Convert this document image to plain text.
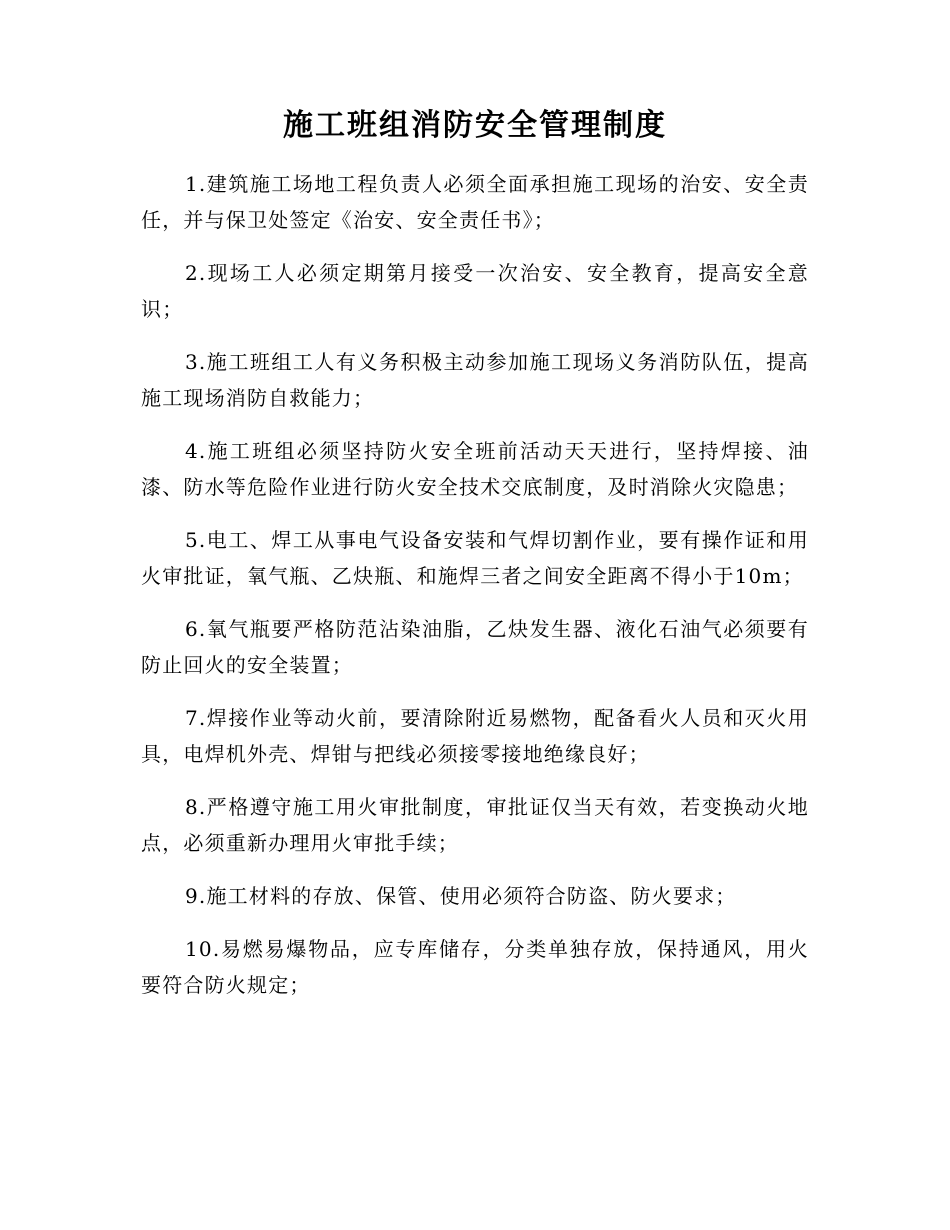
施工班组消防安全管理制度

1.建筑施工场地工程负责人必须全面承担施工现场的治安、安全责任，并与保卫处签定《治安、安全责任书》；

2.现场工人必须定期第月接受一次治安、安全教育，提高安全意识；

3.施工班组工人有义务积极主动参加施工现场义务消防队伍，提高施工现场消防自救能力；

4.施工班组必须坚持防火安全班前活动天天进行，坚持焊接、油漆、防水等危险作业进行防火安全技术交底制度，及时消除火灾隐患；

5.电工、焊工从事电气设备安装和气焊切割作业，要有操作证和用火审批证，氧气瓶、乙炔瓶、和施焊三者之间安全距离不得小于10m；

6.氧气瓶要严格防范沾染油脂，乙炔发生器、液化石油气必须要有防止回火的安全装置；

7.焊接作业等动火前，要清除附近易燃物，配备看火人员和灭火用具，电焊机外壳、焊钳与把线必须接零接地绝缘良好；

8.严格遵守施工用火审批制度，审批证仅当天有效，若变换动火地点，必须重新办理用火审批手续；

9.施工材料的存放、保管、使用必须符合防盗、防火要求；

10.易燃易爆物品，应专库储存，分类单独存放，保持通风，用火要符合防火规定；
